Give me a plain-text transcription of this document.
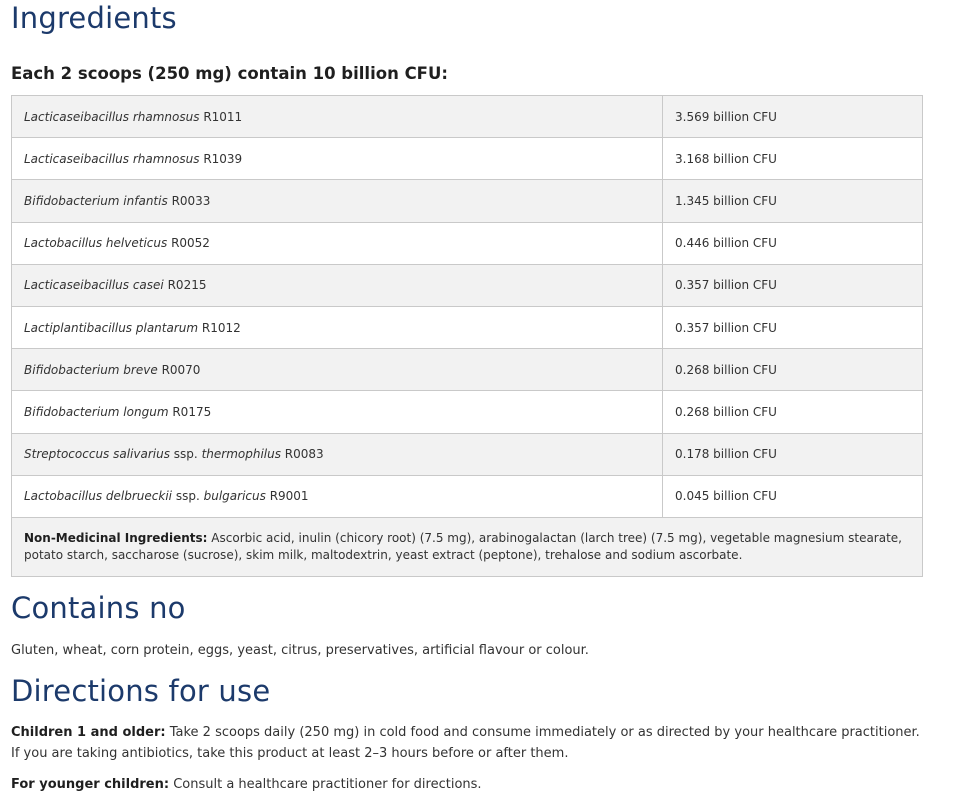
Ingredients
Each 2 scoops (250 mg) contain 10 billion CFU:
Lacticaseibacillus rhamnosus R1011	3.569 billion CFU
Lacticaseibacillus rhamnosus R1039	3.168 billion CFU
Bifidobacterium infantis R0033	1.345 billion CFU
Lactobacillus helveticus R0052	0.446 billion CFU
Lacticaseibacillus casei R0215	0.357 billion CFU
Lactiplantibacillus plantarum R1012	0.357 billion CFU
Bifidobacterium breve R0070	0.268 billion CFU
Bifidobacterium longum R0175	0.268 billion CFU
Streptococcus salivarius ssp. thermophilus R0083	0.178 billion CFU
Lactobacillus delbrueckii ssp. bulgaricus R9001	0.045 billion CFU
Non-Medicinal Ingredients: Ascorbic acid, inulin (chicory root) (7.5 mg), arabinogalactan (larch tree) (7.5 mg), vegetable magnesium stearate, potato starch, saccharose (sucrose), skim milk, maltodextrin, yeast extract (peptone), trehalose and sodium ascorbate.	
Contains no
Gluten, wheat, corn protein, eggs, yeast, citrus, preservatives, artificial flavour or colour.
Directions for use

Children 1 and older: Take 2 scoops daily (250 mg) in cold food and consume immediately or as directed by your healthcare practitioner. If you are taking antibiotics, take this product at least 2–3 hours before or after them.

For younger children: Consult a healthcare practitioner for directions.
